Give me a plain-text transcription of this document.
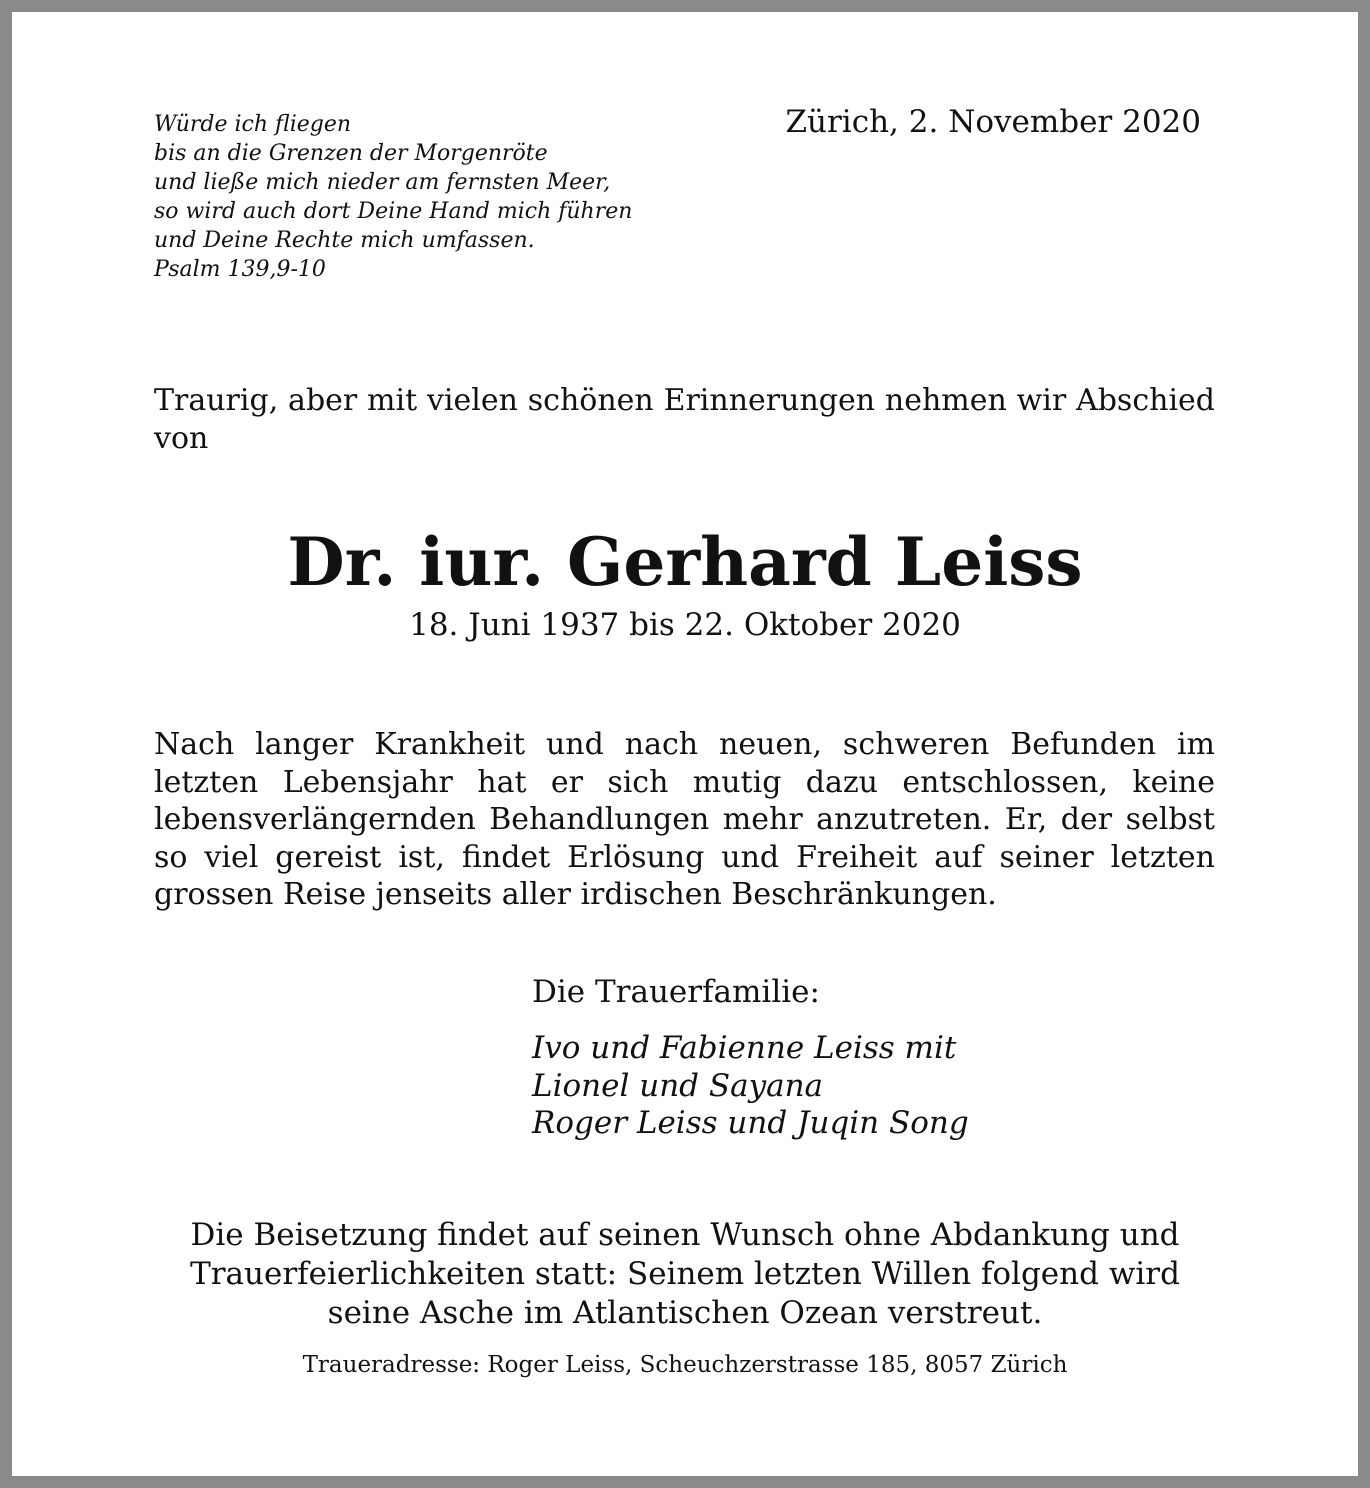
Würde ich fliegen
bis an die Grenzen der Morgenröte
und ließe mich nieder am fernsten Meer,
so wird auch dort Deine Hand mich führen
und Deine Rechte mich umfassen.
Psalm 139,9-10
Zürich, 2. November 2020

Traurig, aber mit vielen schönen Erinnerungen nehmen wir Abschied von

Dr. iur. Gerhard Leiss
18. Juni 1937 bis 22. Oktober 2020

Nach langer Krankheit und nach neuen, schweren Befunden im letzten Lebensjahr hat er sich mutig dazu entschlossen, keine lebensverlängernden Behandlungen mehr anzutreten. Er, der selbst so viel gereist ist, findet Erlösung und Freiheit auf seiner letzten grossen Reise jenseits aller irdischen Beschränkungen.

Die Trauerfamilie:
Ivo und Fabienne Leiss mit
Lionel und Sayana
Roger Leiss und Juqin Song
Die Beisetzung findet auf seinen Wunsch ohne Abdankung und
Trauerfeierlichkeiten statt: Seinem letzten Willen folgend wird
seine Asche im Atlantischen Ozean verstreut.
Traueradresse: Roger Leiss, Scheuchzerstrasse 185, 8057 Zürich
